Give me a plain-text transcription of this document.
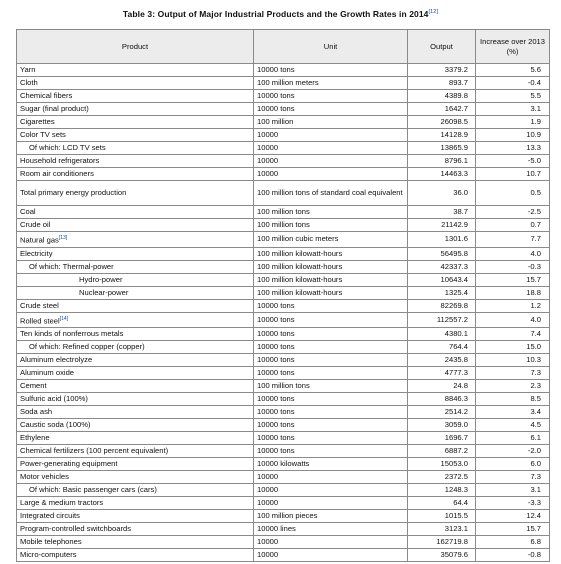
Table 3: Output of Major Industrial Products and the Growth Rates in 2014[12]
Product	Unit	Output	Increase over 2013 (%)
Yarn	10000 tons	3379.2	5.6
Cloth	100 million meters	893.7	-0.4
Chemical fibers	10000 tons	4389.8	5.5
Sugar (final product)	10000 tons	1642.7	3.1
Cigarettes	100 million	26098.5	1.9
Color TV sets	10000	14128.9	10.9
Of which: LCD TV sets	10000	13865.9	13.3
Household refrigerators	10000	8796.1	-5.0
Room air conditioners	10000	14463.3	10.7
Total primary energy production	100 million tons of standard coal equivalent	36.0	0.5
Coal	100 million tons	38.7	-2.5
Crude oil	100 million tons	21142.9	0.7
Natural gas[13]	100 million cubic meters	1301.6	7.7
Electricity	100 million kilowatt-hours	56495.8	4.0
Of which: Thermal-power	100 million kilowatt-hours	42337.3	-0.3
Hydro-power	100 million kilowatt-hours	10643.4	15.7
Nuclear-power	100 million kilowatt-hours	1325.4	18.8
Crude steel	10000 tons	82269.8	1.2
Rolled steel[14]	10000 tons	112557.2	4.0
Ten kinds of nonferrous metals	10000 tons	4380.1	7.4
Of which: Refined copper (copper)	10000 tons	764.4	15.0
Aluminum electrolyze	10000 tons	2435.8	10.3
Aluminum oxide	10000 tons	4777.3	7.3
Cement	100 million tons	24.8	2.3
Sulfuric acid (100%)	10000 tons	8846.3	8.5
Soda ash	10000 tons	2514.2	3.4
Caustic soda (100%)	10000 tons	3059.0	4.5
Ethylene	10000 tons	1696.7	6.1
Chemical fertilizers (100 percent equivalent)	10000 tons	6887.2	-2.0
Power-generating equipment	10000 kilowatts	15053.0	6.0
Motor vehicles	10000	2372.5	7.3
Of which: Basic passenger cars (cars)	10000	1248.3	3.1
Large & medium tractors	10000	64.4	-3.3
Integrated circuits	100 million pieces	1015.5	12.4
Program-controlled switchboards	10000 lines	3123.1	15.7
Mobile telephones	10000	162719.8	6.8
Micro-computers	10000	35079.6	-0.8
